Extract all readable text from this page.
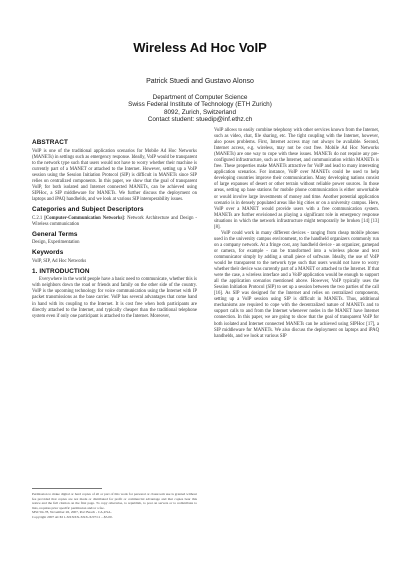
Wireless Ad Hoc VoIP
Patrick Stuedi and Gustavo Alonso
Department of Computer Science
Swiss Federal Institute of Technology (ETH Zurich)
8092, Zurich, Switzerland
Contact student: stuedip@inf.ethz.ch
ABSTRACT

VoIP is one of the traditional application scenarios for Mobile Ad Hoc Networks (MANETs) in settings such as emergency response. Ideally, VoIP would be transparent to the network type such that users would not have to worry whether their machine is currently part of a MANET or attached to the Internet. However, setting up a VoIP session using the Session Initiation Protocol (SIP) is difficult in MANETs since SIP relies on centralized components. In this paper, we show that the goal of transparent VoIP, for both isolated and Internet connected MANETs, can be achieved using SIPHoc, a SIP middleware for MANETs. We further discuss the deployment on laptops and iPAQ handhelds, and we look at various SIP interoperability issues.

Categories and Subject Descriptors

C.2.1 [Computer-Communication Networks]: Network Architecture and Design - Wireless communication

General Terms

Design, Experimentation

Keywords

VoIP, SIP, Ad Hoc Networks

1. INTRODUCTION

Everywhere in the world people have a basic need to communicate, whether this is with neighbors down the road or friends and family on the other side of the country. VoIP is the upcoming technology for voice communication using the Internet with IP packet transmissions as the base carrier. VoIP has several advantages that come hand in hand with its coupling to the Internet. It is cost free when both participants are directly attached to the Internet, and typically cheaper than the traditional telephone system even if only one participant is attached to the Internet. Moreover,

VoIP allows to easily combine telephony with other services known from the Internet, such as video, chat, file sharing, etc. The tight coupling with the Internet, however, also poses problems. First, Internet access may not always be available. Second, Internet access, e.g. wireless, may not be cost free. Mobile Ad Hoc Networks (MANETs) are one way to cope with these issues. MANETs do not require any pre-configured infrastructure, such as the Internet, and communication within MANETs is free. These properties make MANETs attractive for VoIP and lead to many interesting application scenarios. For instance, VoIP over MANETs could be used to help developing countries improve their communication. Many developing nations consist of large expanses of desert or other terrain without reliable power sources. In those areas, setting up base stations for mobile phone communication is either unworkable or would involve large investments of money and time. Another potential application scenario is in densely populated areas like big cities or on a university campus. Here, VoIP over a MANET would provide users with a free communication system. MANETs are further envisioned as playing a significant role in emergency response situations in which the network infrastructure might temporarily be broken [14] [13] [8].

VoIP could work in many different devices - ranging from cheap mobile phones used in the university campus environment, to the handheld organizers commonly run on a company network. At a fringe cost, any handheld device - an organizer, gamepad or camera, for example - can be transformed into a wireless phone and text communicator simply by adding a small piece of software. Ideally, the use of VoIP would be transparent to the network type such that users would not have to worry whether their device was currently part of a MANET or attached to the Internet. If that were the case, a wireless interface and a VoIP application would be enough to support all the application scenarios mentioned above. However, VoIP typically uses the Session Initiation Protocol (SIP) to set up a session between the two parties of the call [16]. As SIP was designed for the Internet and relies on centralized components, setting up a VoIP session using SIP is difficult in MANETs. Thus, additional mechanisms are required to cope with the decentralized nature of MANETs and to support calls to and from the Internet whenever nodes in the MANET have Internet connection. In this paper, we are going to show that the goal of transparent VoIP for both isolated and Internet connected MANETs can be achieved using SIPHoc [17], a SIP middleware for MANETs. We also discuss the deployment on laptops and iPAQ handhelds, and we look at various SIP

Permission to make digital or hard copies of all or part of this work for personal or classroom use is granted without fee provided that copies are not made or distributed for profit or commercial advantage and that copies bear this notice and the full citation on the first page. To copy otherwise, to republish, to post on servers or to redistribute to lists, requires prior specific permission and/or a fee.
MSC'04-78, November 26, 2007, Port Beach - CA,USA.
Copyright 2007 ACM 1-XXXXX-XXX-X/07/11 ...$5.00.
